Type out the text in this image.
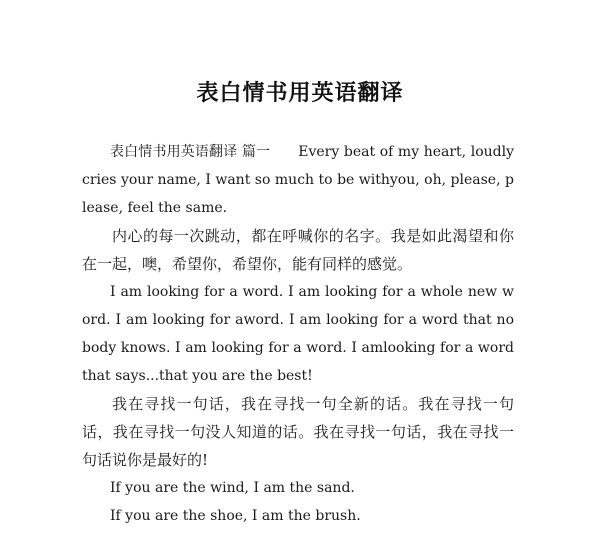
表白情书用英语翻译

表白情书用英语翻译 篇一 Every beat of my heart, loudly cries your name, I want so much to be withyou, oh, please, please, feel the same.

内心的每一次跳动，都在呼喊你的名字。我是如此渴望和你在一起，噢，希望你，希望你，能有同样的感觉。

I am looking for a word. I am looking for a whole new word. I am looking for aword. I am looking for a word that nobody knows. I am looking for a word. I amlooking for a word that says...that you are the best!

我在寻找一句话，我在寻找一句全新的话。我在寻找一句话，我在寻找一句没人知道的话。我在寻找一句话，我在寻找一句话说你是最好的!

If you are the wind, I am the sand.

If you are the shoe, I am the brush.
